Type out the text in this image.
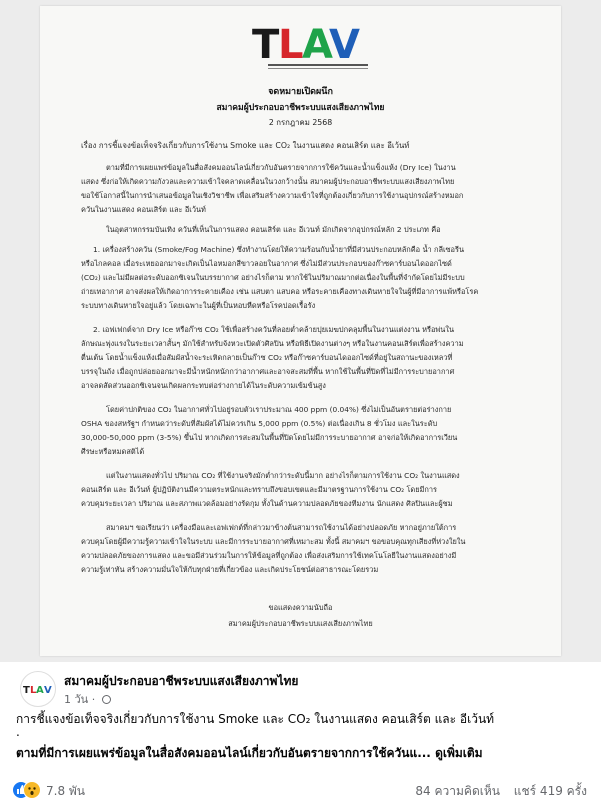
T
L
A
V
จดหมายเปิดผนึก
สมาคมผู้ประกอบอาชีพระบบแสงเสียงภาพไทย
2 กรกฎาคม 2568
เรื่อง การชี้แจงข้อเท็จจริงเกี่ยวกับการใช้งาน Smoke และ CO₂ ในงานแสดง คอนเสิร์ต และ อีเว้นท์
ตามที่มีการเผยแพร่ข้อมูลในสื่อสังคมออนไลน์เกี่ยวกับอันตรายจากการใช้ควันและน้ำแข็งแห้ง (Dry Ice) ในงาน
แสดง ซึ่งก่อให้เกิดความกังวลและความเข้าใจคลาดเคลื่อนในวงกว้างนั้น สมาคมผู้ประกอบอาชีพระบบแสงเสียงภาพไทย
ขอใช้โอกาสนี้ในการนำเสนอข้อมูลในเชิงวิชาชีพ เพื่อเสริมสร้างความเข้าใจที่ถูกต้องเกี่ยวกับการใช้งานอุปกรณ์สร้างหมอก
ควันในงานแสดง คอนเสิร์ต และ อีเว้นท์
ในอุตสาหกรรมบันเทิง ควันที่เห็นในการแสดง คอนเสิร์ต และ อีเวนท์ มักเกิดจากอุปกรณ์หลัก 2 ประเภท คือ
1. เครื่องสร้างควัน (Smoke/Fog Machine) ซึ่งทำงานโดยให้ความร้อนกับน้ำยาที่มีส่วนประกอบหลักคือ น้ำ กลีเซอรีน
หรือไกลคอล เมื่อระเหยออกมาจะเกิดเป็นไอหมอกสีขาวลอยในอากาศ ซึ่งไม่มีส่วนประกอบของก๊าซคาร์บอนไดออกไซด์
(CO₂) และไม่มีผลต่อระดับออกซิเจนในบรรยากาศ อย่างไรก็ตาม หากใช้ในปริมาณมากต่อเนื่องในพื้นที่จำกัดโดยไม่มีระบบ
ถ่ายเทอากาศ อาจส่งผลให้เกิดอาการระคายเคือง เช่น แสบตา แสบคอ หรือระคายเคืองทางเดินหายใจในผู้ที่มีอาการแพ้หรือโรค
ระบบทางเดินหายใจอยู่แล้ว โดยเฉพาะในผู้ที่เป็นหอบหืดหรือโรคปอดเรื้อรัง
2. เอฟเฟกต์จาก Dry Ice หรือก๊าซ CO₂ ใช้เพื่อสร้างควันที่ลอยต่ำคล้ายปุยเมฆปกคลุมพื้นในงานแต่งงาน หรือพ่นใน
ลักษณะพุ่งแรงในระยะเวลาสั้นๆ มักใช้สำหรับจังหวะเปิดตัวศิลปิน หรือพิธีเปิดงานต่างๆ หรือในงานคอนเสิร์ตเพื่อสร้างความ
ตื่นเต้น โดยน้ำแข็งแห้งเมื่อสัมผัสน้ำจะระเหิดกลายเป็นก๊าซ CO₂ หรือก๊าซคาร์บอนไดออกไซด์ที่อยู่ในสถานะของเหลวที่
บรรจุในถัง เมื่อถูกปล่อยออกมาจะมีน้ำหนักหนักกว่าอากาศและอาจสะสมที่พื้น หากใช้ในพื้นที่ปิดที่ไม่มีการระบายอากาศ
อาจลดสัดส่วนออกซิเจนจนเกิดผลกระทบต่อร่างกายได้ในระดับความเข้มข้นสูง
โดยค่าปกติของ CO₂ ในอากาศทั่วไปอยู่รอบตัวเราประมาณ 400 ppm (0.04%) ซึ่งไม่เป็นอันตรายต่อร่างกาย
OSHA ของสหรัฐฯ กำหนดว่าระดับที่สัมผัสได้ไม่ควรเกิน 5,000 ppm (0.5%) ต่อเนื่องเกิน 8 ชั่วโมง และในระดับ
30,000-50,000 ppm (3-5%) ขึ้นไป หากเกิดการสะสมในพื้นที่ปิดโดยไม่มีการระบายอากาศ อาจก่อให้เกิดอาการเวียน
ศีรษะหรือหมดสติได้
แต่ในงานแสดงทั่วไป ปริมาณ CO₂ ที่ใช้งานจริงมักต่ำกว่าระดับนี้มาก อย่างไรก็ตามการใช้งาน CO₂ ในงานแสดง
คอนเสิร์ต และ อีเว้นท์ ผู้ปฏิบัติงานมีความตระหนักและทราบถึงขอบเขตและมีมาตรฐานการใช้งาน CO₂ โดยมีการ
ควบคุมระยะเวลา ปริมาณ และสภาพแวดล้อมอย่างรัดกุม ทั้งในด้านความปลอดภัยของทีมงาน นักแสดง ศิลปินและผู้ชม
สมาคมฯ ขอเรียนว่า เครื่องมือและเอฟเฟกต์ที่กล่าวมาข้างต้นสามารถใช้งานได้อย่างปลอดภัย หากอยู่ภายใต้การ
ควบคุมโดยผู้มีความรู้ความเข้าใจในระบบ และมีการระบายอากาศที่เหมาะสม ทั้งนี้ สมาคมฯ ขอขอบคุณทุกเสียงที่ห่วงใยใน
ความปลอดภัยของการแสดง และขอมีส่วนร่วมในการให้ข้อมูลที่ถูกต้อง เพื่อส่งเสริมการใช้เทคโนโลยีในงานแสดงอย่างมี
ความรู้เท่าทัน สร้างความมั่นใจให้กับทุกฝ่ายที่เกี่ยวข้อง และเกิดประโยชน์ต่อสาธารณะโดยรวม
ขอแสดงความนับถือ
สมาคมผู้ประกอบอาชีพระบบแสงเสียงภาพไทย
T L A V
สมาคมผู้ประกอบอาชีพระบบแสงเสียงภาพไทย
1 วัน ·
การชี้แจงข้อเท็จจริงเกี่ยวกับการใช้งาน Smoke และ CO₂ ในงานแสดง คอนเสิร์ต และ อีเว้นท์
.
ตามที่มีการเผยแพร่ข้อมูลในสื่อสังคมออนไลน์เกี่ยวกับอันตรายจากการใช้ควันแ... ดูเพิ่มเติม
7.8 พัน	84 ความคิดเห็น แชร์ 419 ครั้ง
